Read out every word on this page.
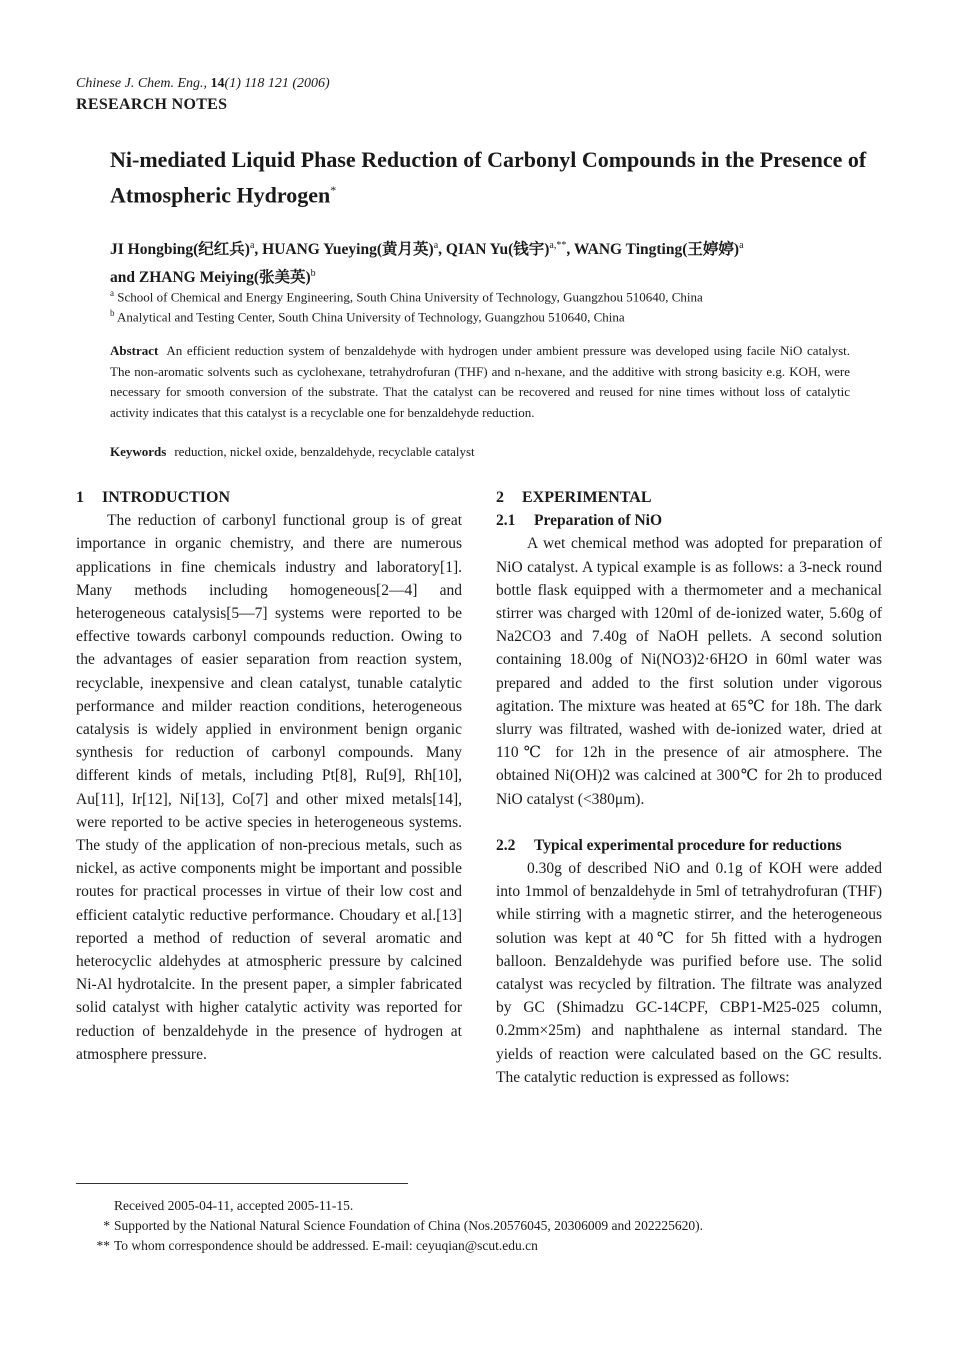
Chinese J. Chem. Eng., 14(1) 118 121 (2006)
RESEARCH NOTES
Ni-mediated Liquid Phase Reduction of Carbonyl Compounds in the Presence of Atmospheric Hydrogen*
JI Hongbing(纪红兵)$^a$, HUANG Yueying(黄月英)$^a$, QIAN Yu(钱宇)$^{a,**}$, WANG Tingting(王婷婷)$^a$
and ZHANG Meiying(张美英)$^b$
$^a$ School of Chemical and Energy Engineering, South China University of Technology, Guangzhou 510640, China
$^b$ Analytical and Testing Center, South China University of Technology, Guangzhou 510640, China
Abstract An efficient reduction system of benzaldehyde with hydrogen under ambient pressure was developed using facile NiO catalyst. The non-aromatic solvents such as cyclohexane, tetrahydrofuran (THF) and n-hexane, and the additive with strong basicity e.g. KOH, were necessary for smooth conversion of the substrate. That the catalyst can be recovered and reused for nine times without loss of catalytic activity indicates that this catalyst is a recyclable one for benzaldehyde reduction.
Keywords reduction, nickel oxide, benzaldehyde, recyclable catalyst
1 INTRODUCTION

The reduction of carbonyl functional group is of great importance in organic chemistry, and there are numerous applications in fine chemicals industry and laboratory[1]. Many methods including homogeneous[2—4] and heterogeneous catalysis[5—7] systems were reported to be effective towards carbonyl compounds reduction. Owing to the advantages of easier separation from reaction system, recyclable, inexpensive and clean catalyst, tunable catalytic performance and milder reaction conditions, heterogeneous catalysis is widely applied in environment benign organic synthesis for reduction of carbonyl compounds. Many different kinds of metals, including Pt[8], Ru[9], Rh[10], Au[11], Ir[12], Ni[13], Co[7] and other mixed metals[14], were reported to be active species in heterogeneous systems. The study of the application of non-precious metals, such as nickel, as active components might be important and possible routes for practical processes in virtue of their low cost and efficient catalytic reductive performance. Choudary et al.[13] reported a method of reduction of several aromatic and heterocyclic aldehydes at atmospheric pressure by calcined Ni-Al hydrotalcite. In the present paper, a simpler fabricated solid catalyst with higher catalytic activity was reported for reduction of benzaldehyde in the presence of hydrogen at atmosphere pressure.

2 EXPERIMENTAL
2.1 Preparation of NiO

A wet chemical method was adopted for preparation of NiO catalyst. A typical example is as follows: a 3-neck round bottle flask equipped with a thermometer and a mechanical stirrer was charged with 120ml of de-ionized water, 5.60g of Na2CO3 and 7.40g of NaOH pellets. A second solution containing 18.00g of Ni(NO3)2·6H2O in 60ml water was prepared and added to the first solution under vigorous agitation. The mixture was heated at 65℃ for 18h. The dark slurry was filtrated, washed with de-ionized water, dried at 110℃ for 12h in the presence of air atmosphere. The obtained Ni(OH)2 was calcined at 300℃ for 2h to produced NiO catalyst (<380μm).

2.2 Typical experimental procedure for reductions

0.30g of described NiO and 0.1g of KOH were added into 1mmol of benzaldehyde in 5ml of tetrahydrofuran (THF) while stirring with a magnetic stirrer, and the heterogeneous solution was kept at 40℃ for 5h fitted with a hydrogen balloon. Benzaldehyde was purified before use. The solid catalyst was recycled by filtration. The filtrate was analyzed by GC (Shimadzu GC-14CPF, CBP1-M25-025 column, 0.2mm×25m) and naphthalene as internal standard. The yields of reaction were calculated based on the GC results. The catalytic reduction is expressed as follows:

Received 2005-04-11, accepted 2005-11-15.
* Supported by the National Natural Science Foundation of China (Nos.20576045, 20306009 and 202225620).
** To whom correspondence should be addressed. E-mail: ceyuqian@scut.edu.cn
